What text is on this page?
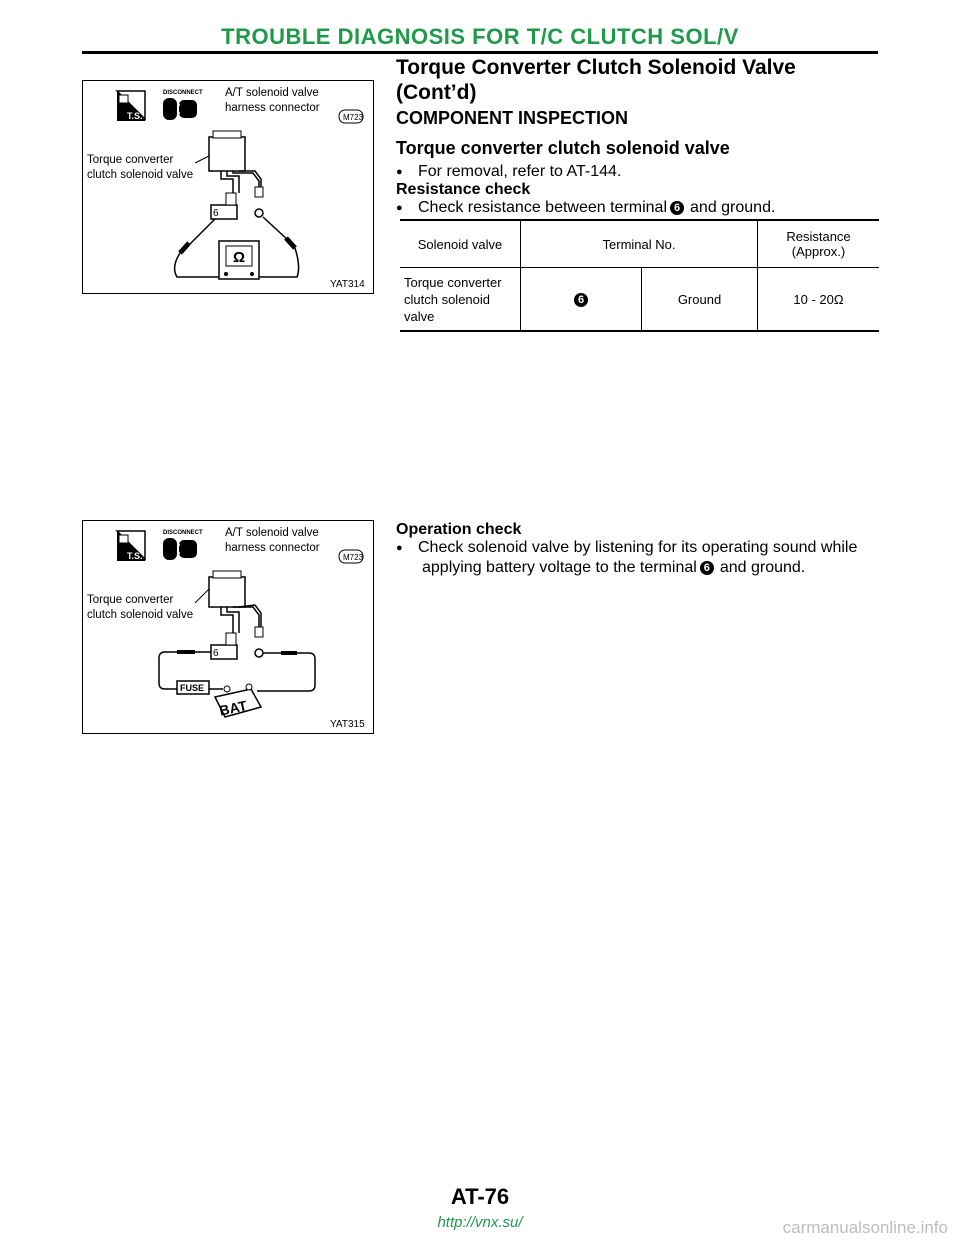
TROUBLE DIAGNOSIS FOR T/C CLUTCH SOL/V
Torque Converter Clutch Solenoid Valve
(Cont’d)
T.S.
DISCONNECT A/T solenoid valve
harness connector
M723
Torque converter
clutch solenoid valve
6
Ω
YAT314
COMPONENT INSPECTION
Torque converter clutch solenoid valve
● For removal, refer to AT-144.
Resistance check
● Check resistance between terminal 6 and ground.
Solenoid valve	Terminal No.		Resistance (Approx.)
Torque converter clutch solenoid valve	6	Ground	10 - 20Ω
T.S.
DISCONNECT A/T solenoid valve
harness connector
M723
Torque converter
clutch solenoid valve
6
FUSE
BAT
YAT315
Operation check
● Check solenoid valve by listening for its operating sound while
applying battery voltage to the terminal 6 and ground.
AT-76
http://vnx.su/	carmanualsonline.info
